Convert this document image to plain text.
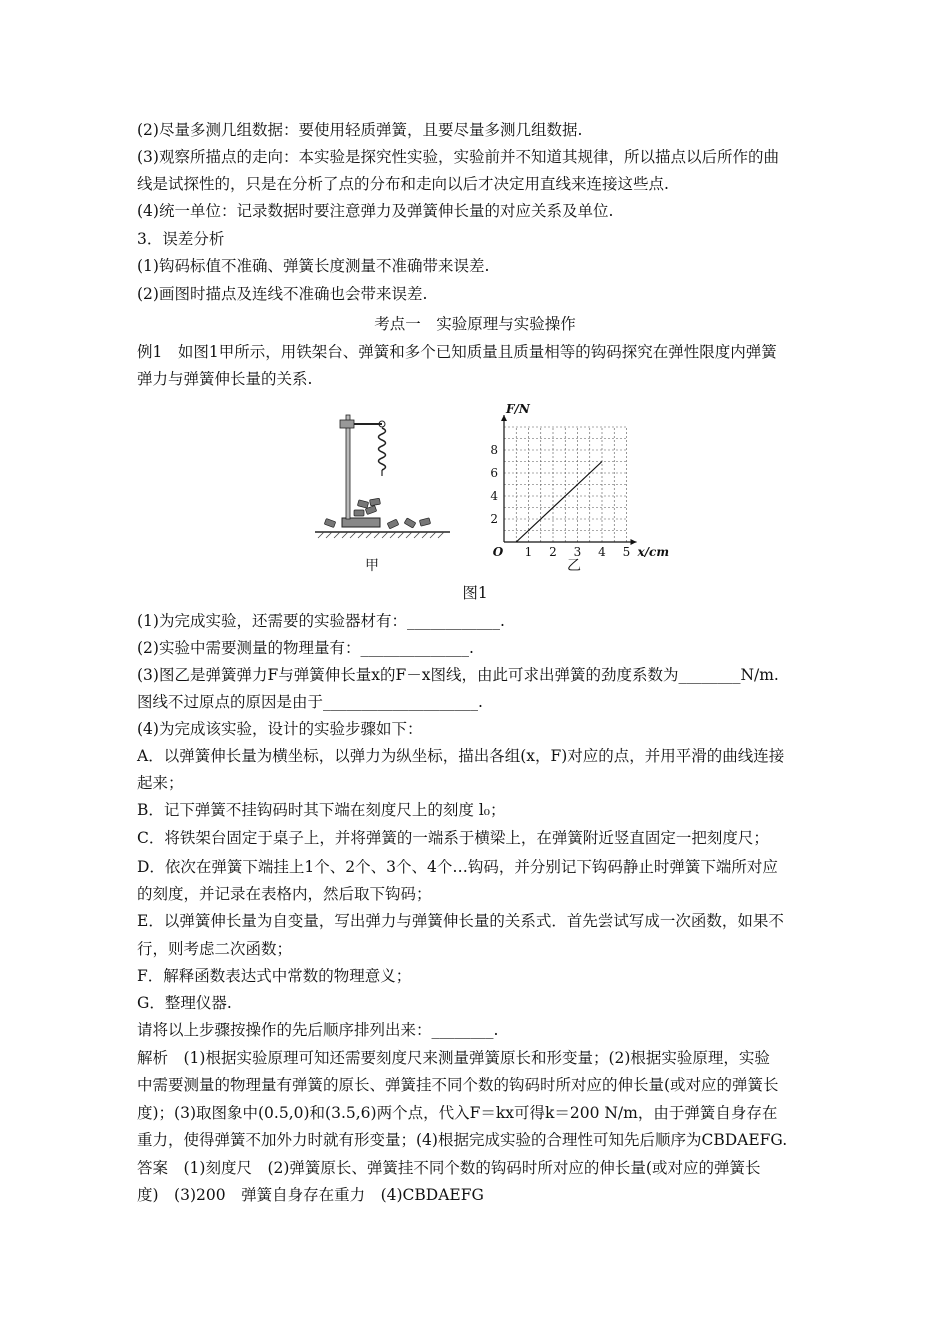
(2)尽量多测几组数据：要使用轻质弹簧，且要尽量多测几组数据.
(3)观察所描点的走向：本实验是探究性实验，实验前并不知道其规律，所以描点以后所作的曲
线是试探性的，只是在分析了点的分布和走向以后才决定用直线来连接这些点.
(4)统一单位：记录数据时要注意弹力及弹簧伸长量的对应关系及单位.
3．误差分析
(1)钩码标值不准确、弹簧长度测量不准确带来误差.
(2)画图时描点及连线不准确也会带来误差.
考点一　实验原理与实验操作
例1　如图1甲所示，用铁架台、弹簧和多个已知质量且质量相等的钩码探究在弹性限度内弹簧
弹力与弹簧伸长量的关系.
甲
F/N
x/cm
O 1 2 3 4 5
2
4
6
8
乙
图1
(1)为完成实验，还需要的实验器材有：____________.
(2)实验中需要测量的物理量有：______________.
(3)图乙是弹簧弹力F与弹簧伸长量x的F－x图线，由此可求出弹簧的劲度系数为________N/m.
图线不过原点的原因是由于____________________.
(4)为完成该实验，设计的实验步骤如下：
A．以弹簧伸长量为横坐标，以弹力为纵坐标，描出各组(x，F)对应的点，并用平滑的曲线连接
起来；
B．记下弹簧不挂钩码时其下端在刻度尺上的刻度 l₀；
C．将铁架台固定于桌子上，并将弹簧的一端系于横梁上，在弹簧附近竖直固定一把刻度尺；
D．依次在弹簧下端挂上1个、2个、3个、4个…钩码，并分别记下钩码静止时弹簧下端所对应
的刻度，并记录在表格内，然后取下钩码；
E．以弹簧伸长量为自变量，写出弹力与弹簧伸长量的关系式．首先尝试写成一次函数，如果不
行，则考虑二次函数；
F．解释函数表达式中常数的物理意义；
G．整理仪器.
请将以上步骤按操作的先后顺序排列出来：________.
解析　(1)根据实验原理可知还需要刻度尺来测量弹簧原长和形变量；(2)根据实验原理，实验
中需要测量的物理量有弹簧的原长、弹簧挂不同个数的钩码时所对应的伸长量(或对应的弹簧长
度)；(3)取图象中(0.5,0)和(3.5,6)两个点，代入F＝kx可得k＝200 N/m，由于弹簧自身存在
重力，使得弹簧不加外力时就有形变量；(4)根据完成实验的合理性可知先后顺序为CBDAEFG.
答案　(1)刻度尺　(2)弹簧原长、弹簧挂不同个数的钩码时所对应的伸长量(或对应的弹簧长
度)　(3)200　弹簧自身存在重力　(4)CBDAEFG
